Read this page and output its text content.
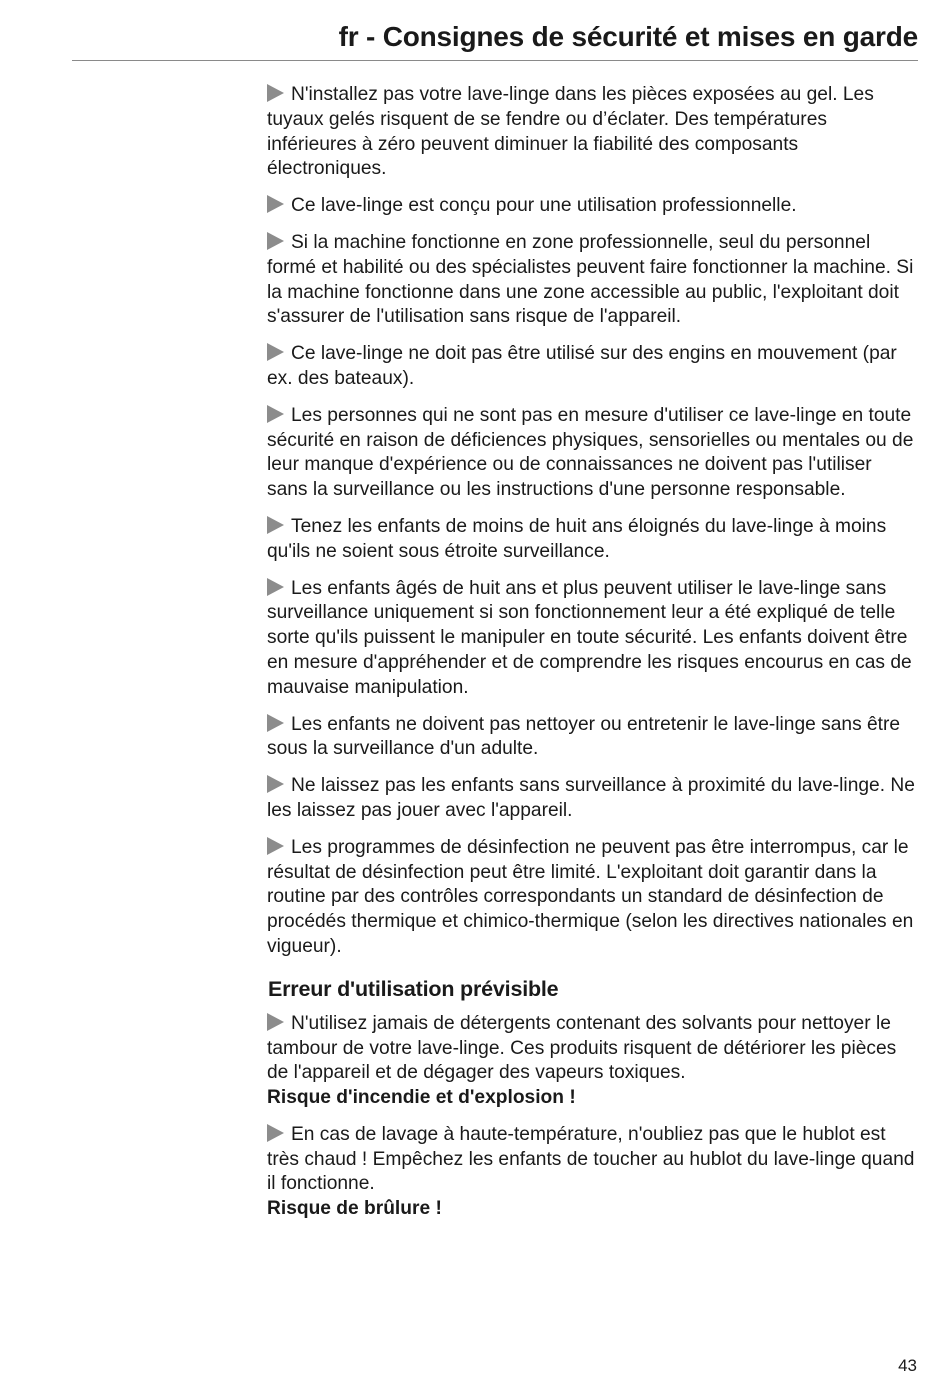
fr - Consignes de sécurité et mises en garde

N'installez pas votre lave-linge dans les pièces exposées au gel. Les tuyaux gelés risquent de se fendre ou d’éclater. Des températures inférieures à zéro peuvent diminuer la fiabilité des composants électroniques.

Ce lave-linge est conçu pour une utilisation professionnelle.

Si la machine fonctionne en zone professionnelle, seul du personnel formé et habilité ou des spécialistes peuvent faire fonctionner la machine. Si la machine fonctionne dans une zone accessible au public, l'exploitant doit s'assurer de l'utilisation sans risque de l'appareil.

Ce lave-linge ne doit pas être utilisé sur des engins en mouvement (par ex. des bateaux).

Les personnes qui ne sont pas en mesure d'utiliser ce lave-linge en toute sécurité en raison de déficiences physiques, sensorielles ou mentales ou de leur manque d'expérience ou de connaissances ne doivent pas l'utiliser sans la surveillance ou les instructions d'une personne responsable.

Tenez les enfants de moins de huit ans éloignés du lave-linge à moins qu'ils ne soient sous étroite surveillance.

Les enfants âgés de huit ans et plus peuvent utiliser le lave-linge sans surveillance uniquement si son fonctionnement leur a été expliqué de telle sorte qu'ils puissent le manipuler en toute sécurité. Les enfants doivent être en mesure d'appréhender et de comprendre les risques encourus en cas de mauvaise manipulation.

Les enfants ne doivent pas nettoyer ou entretenir le lave-linge sans être sous la surveillance d'un adulte.

Ne laissez pas les enfants sans surveillance à proximité du lave-linge. Ne les laissez pas jouer avec l'appareil.

Les programmes de désinfection ne peuvent pas être interrompus, car le résultat de désinfection peut être limité. L'exploitant doit garantir dans la routine par des contrôles correspondants un standard de désinfection de procédés thermique et chimico-thermique (selon les directives nationales en vigueur).

Erreur d'utilisation prévisible

N'utilisez jamais de détergents contenant des solvants pour nettoyer le tambour de votre lave-linge. Ces produits risquent de détériorer les pièces de l'appareil et de dégager des vapeurs toxiques.
Risque d'incendie et d'explosion !

En cas de lavage à haute-température, n'oubliez pas que le hublot est très chaud ! Empêchez les enfants de toucher au hublot du lave-linge quand il fonctionne.
Risque de brûlure !

43
